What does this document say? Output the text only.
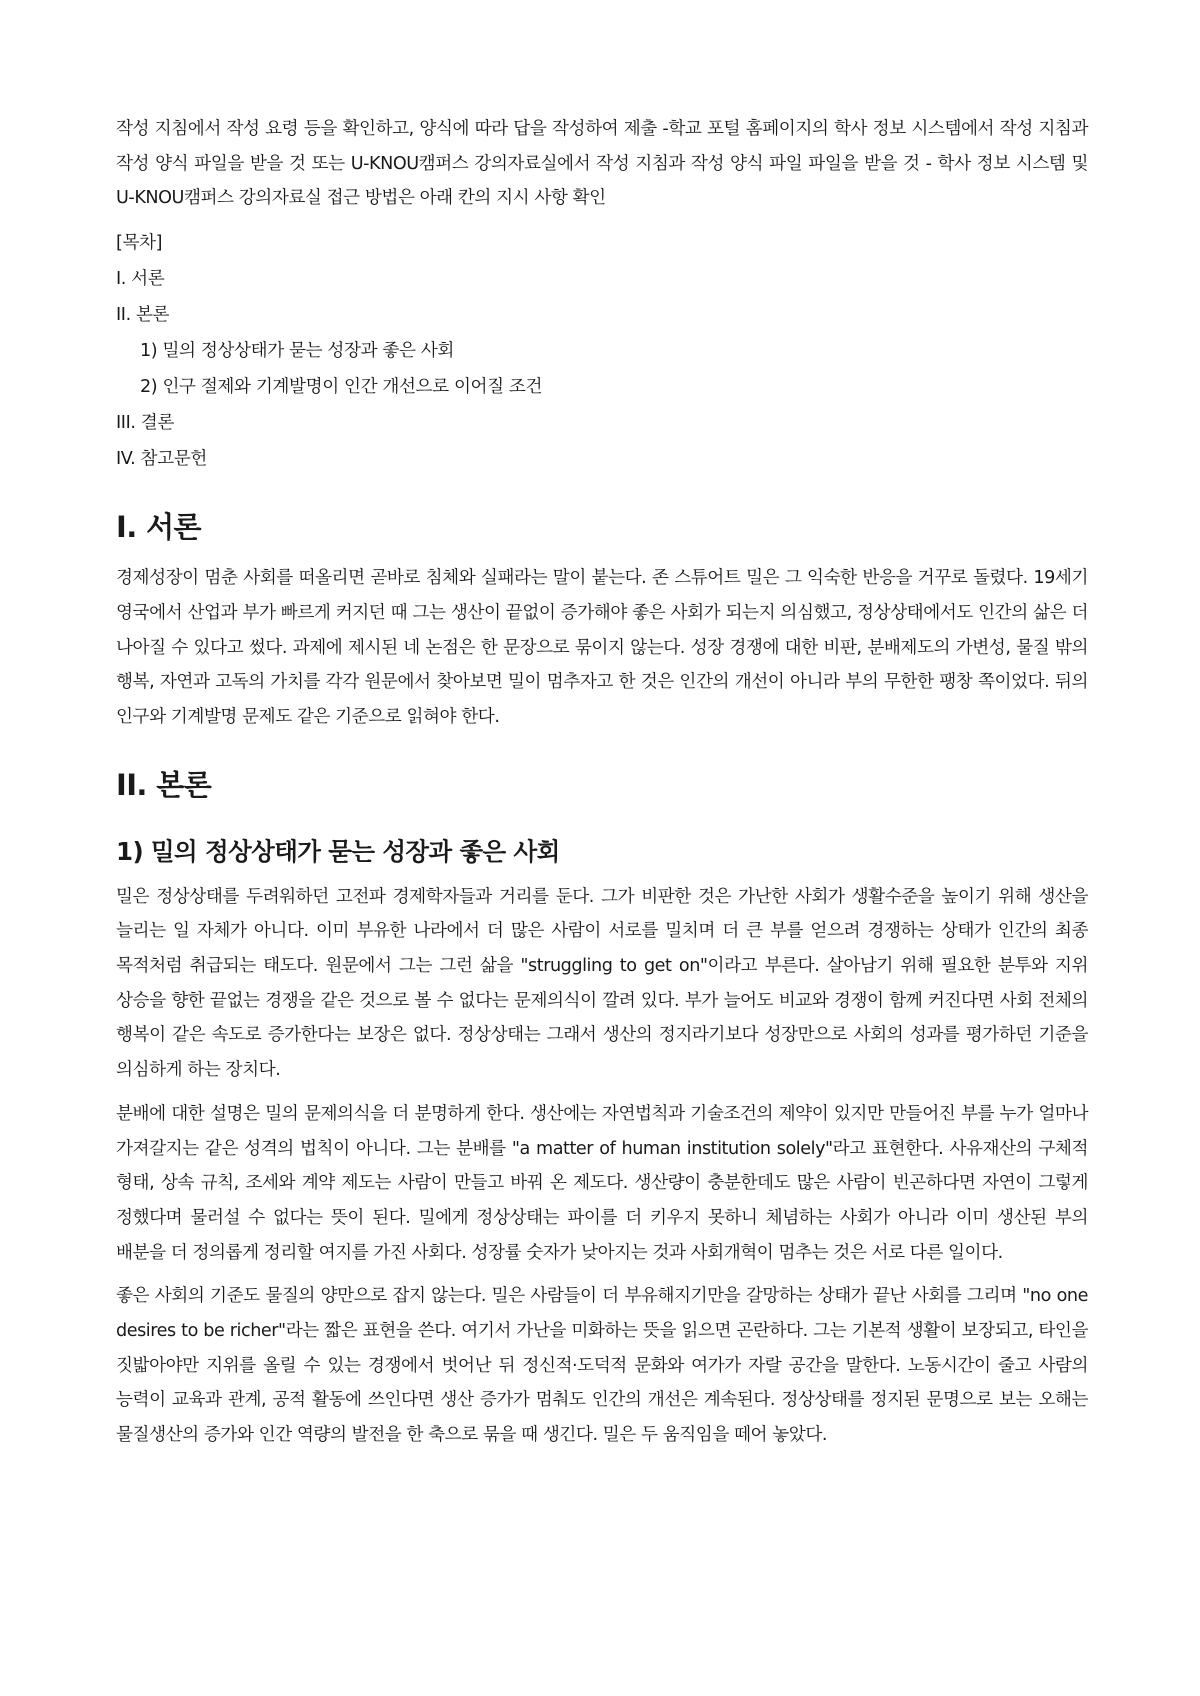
작성 지침에서 작성 요령 등을 확인하고, 양식에 따라 답을 작성하여 제출 -학교 포털 홈페이지의 학사 정보 시스템에서 작성 지침과 작성 양식 파일을 받을 것 또는 U-KNOU캠퍼스 강의자료실에서 작성 지침과 작성 양식 파일 파일을 받을 것 - 학사 정보 시스템 및 U-KNOU캠퍼스 강의자료실 접근 방법은 아래 칸의 지시 사항 확인

[목차]

I. 서론
II. 본론
1) 밀의 정상상태가 묻는 성장과 좋은 사회
2) 인구 절제와 기계발명이 인간 개선으로 이어질 조건
III. 결론
IV. 참고문헌
I. 서론

경제성장이 멈춘 사회를 떠올리면 곧바로 침체와 실패라는 말이 붙는다. 존 스튜어트 밀은 그 익숙한 반응을 거꾸로 돌렸다. 19세기 영국에서 산업과 부가 빠르게 커지던 때 그는 생산이 끝없이 증가해야 좋은 사회가 되는지 의심했고, 정상상태에서도 인간의 삶은 더 나아질 수 있다고 썼다. 과제에 제시된 네 논점은 한 문장으로 묶이지 않는다. 성장 경쟁에 대한 비판, 분배제도의 가변성, 물질 밖의 행복, 자연과 고독의 가치를 각각 원문에서 찾아보면 밀이 멈추자고 한 것은 인간의 개선이 아니라 부의 무한한 팽창 쪽이었다. 뒤의 인구와 기계발명 문제도 같은 기준으로 읽혀야 한다.

II. 본론
1) 밀의 정상상태가 묻는 성장과 좋은 사회

밀은 정상상태를 두려워하던 고전파 경제학자들과 거리를 둔다. 그가 비판한 것은 가난한 사회가 생활수준을 높이기 위해 생산을 늘리는 일 자체가 아니다. 이미 부유한 나라에서 더 많은 사람이 서로를 밀치며 더 큰 부를 얻으려 경쟁하는 상태가 인간의 최종 목적처럼 취급되는 태도다. 원문에서 그는 그런 삶을 "struggling to get on"이라고 부른다. 살아남기 위해 필요한 분투와 지위 상승을 향한 끝없는 경쟁을 같은 것으로 볼 수 없다는 문제의식이 깔려 있다. 부가 늘어도 비교와 경쟁이 함께 커진다면 사회 전체의 행복이 같은 속도로 증가한다는 보장은 없다. 정상상태는 그래서 생산의 정지라기보다 성장만으로 사회의 성과를 평가하던 기준을 의심하게 하는 장치다.

분배에 대한 설명은 밀의 문제의식을 더 분명하게 한다. 생산에는 자연법칙과 기술조건의 제약이 있지만 만들어진 부를 누가 얼마나 가져갈지는 같은 성격의 법칙이 아니다. 그는 분배를 "a matter of human institution solely"라고 표현한다. 사유재산의 구체적 형태, 상속 규칙, 조세와 계약 제도는 사람이 만들고 바꿔 온 제도다. 생산량이 충분한데도 많은 사람이 빈곤하다면 자연이 그렇게 정했다며 물러설 수 없다는 뜻이 된다. 밀에게 정상상태는 파이를 더 키우지 못하니 체념하는 사회가 아니라 이미 생산된 부의 배분을 더 정의롭게 정리할 여지를 가진 사회다. 성장률 숫자가 낮아지는 것과 사회개혁이 멈추는 것은 서로 다른 일이다.

좋은 사회의 기준도 물질의 양만으로 잡지 않는다. 밀은 사람들이 더 부유해지기만을 갈망하는 상태가 끝난 사회를 그리며 "no one desires to be richer"라는 짧은 표현을 쓴다. 여기서 가난을 미화하는 뜻을 읽으면 곤란하다. 그는 기본적 생활이 보장되고, 타인을 짓밟아야만 지위를 올릴 수 있는 경쟁에서 벗어난 뒤 정신적·도덕적 문화와 여가가 자랄 공간을 말한다. 노동시간이 줄고 사람의 능력이 교육과 관계, 공적 활동에 쓰인다면 생산 증가가 멈춰도 인간의 개선은 계속된다. 정상상태를 정지된 문명으로 보는 오해는 물질생산의 증가와 인간 역량의 발전을 한 축으로 묶을 때 생긴다. 밀은 두 움직임을 떼어 놓았다.
